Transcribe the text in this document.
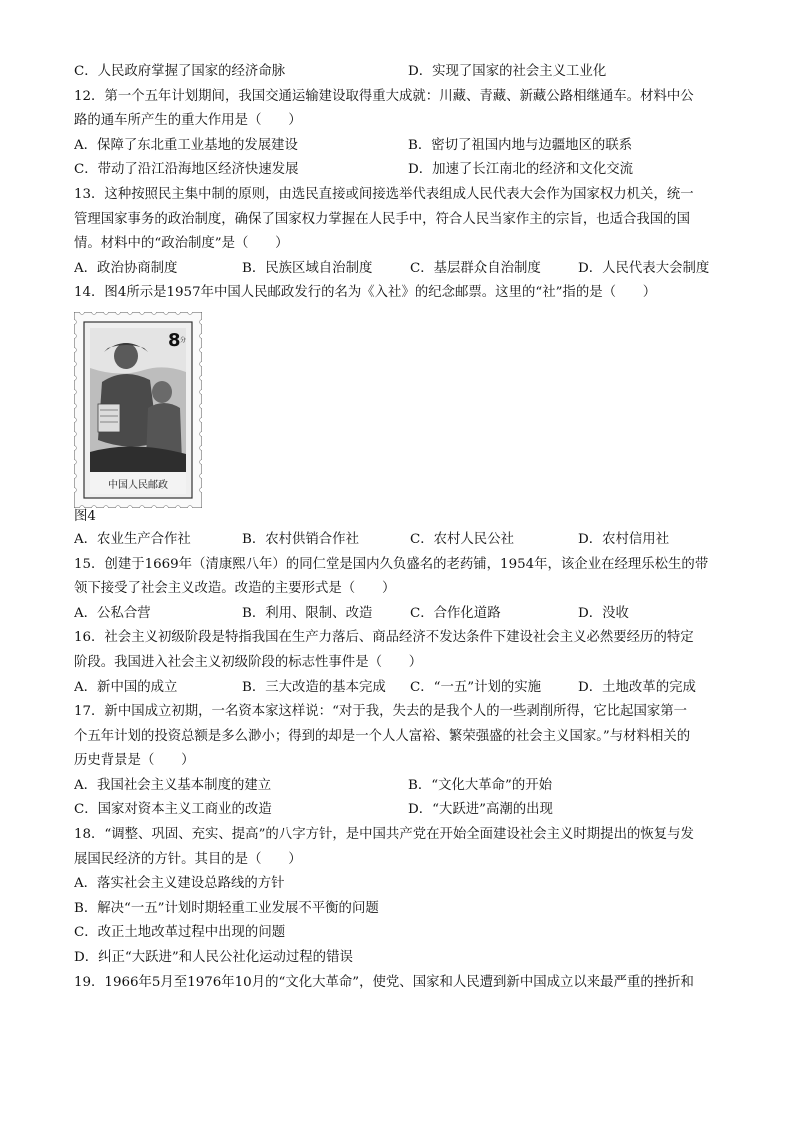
C．人民政府掌握了国家的经济命脉	D．实现了国家的社会主义工业化
12．第一个五年计划期间，我国交通运输建设取得重大成就：川藏、青藏、新藏公路相继通车。材料中公
路的通车所产生的重大作用是（　　）
A．保障了东北重工业基地的发展建设	B．密切了祖国内地与边疆地区的联系
C．带动了沿江沿海地区经济快速发展	D．加速了长江南北的经济和文化交流
13．这种按照民主集中制的原则，由选民直接或间接选举代表组成人民代表大会作为国家权力机关，统一
管理国家事务的政治制度，确保了国家权力掌握在人民手中，符合人民当家作主的宗旨，也适合我国的国
情。材料中的“政治制度”是（　　）
A．政治协商制度	B．民族区域自治制度	C．基层群众自治制度	D．人民代表大会制度
14．图4所示是1957年中国人民邮政发行的名为《入社》的纪念邮票。这里的“社”指的是（　　）
8 分
中国人民邮政
图4
A．农业生产合作社	B．农村供销合作社	C．农村人民公社	D．农村信用社
15．创建于1669年（清康熙八年）的同仁堂是国内久负盛名的老药铺，1954年，该企业在经理乐松生的带
领下接受了社会主义改造。改造的主要形式是（　　）
A．公私合营	B．利用、限制、改造	C．合作化道路	D．没收
16．社会主义初级阶段是特指我国在生产力落后、商品经济不发达条件下建设社会主义必然要经历的特定
阶段。我国进入社会主义初级阶段的标志性事件是（　　）
A．新中国的成立	B．三大改造的基本完成	C．“一五”计划的实施	D．土地改革的完成
17．新中国成立初期，一名资本家这样说：“对于我，失去的是我个人的一些剥削所得，它比起国家第一
个五年计划的投资总额是多么渺小；得到的却是一个人人富裕、繁荣强盛的社会主义国家。”与材料相关的
历史背景是（　　）
A．我国社会主义基本制度的建立	B．“文化大革命”的开始
C．国家对资本主义工商业的改造	D．“大跃进”高潮的出现
18．“调整、巩固、充实、提高”的八字方针，是中国共产党在开始全面建设社会主义时期提出的恢复与发
展国民经济的方针。其目的是（　　）
A．落实社会主义建设总路线的方针
B．解决“一五”计划时期轻重工业发展不平衡的问题
C．改正土地改革过程中出现的问题
D．纠正“大跃进”和人民公社化运动过程的错误
19．1966年5月至1976年10月的“文化大革命”，使党、国家和人民遭到新中国成立以来最严重的挫折和
